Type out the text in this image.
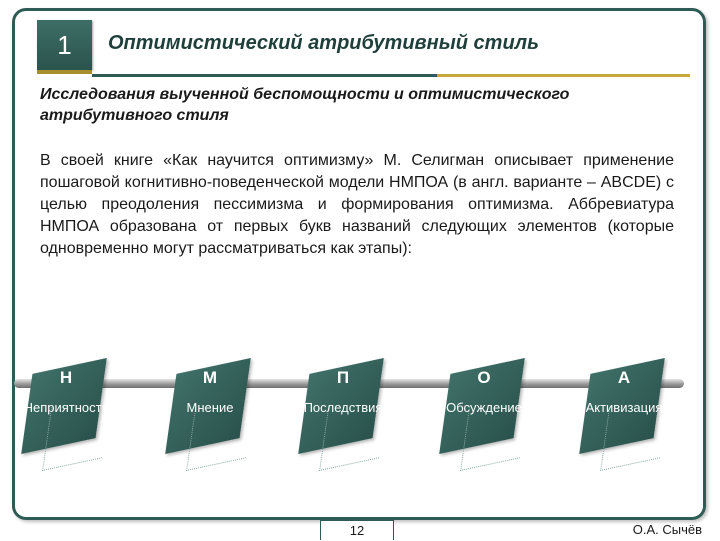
1	Оптимистический атрибутивный стиль
Исследования выученной беспомощности и оптимистического атрибутивного стиля
В своей книге «Как научится оптимизму» М. Селигман описывает применение пошаговой когнитивно-поведенческой модели НМПОА (в англ. варианте – ABCDE) с целью преодоления пессимизма и формирования оптимизма. Аббревиатура НМПОА образована от первых букв названий следующих элементов (которые одновременно могут рассматриваться как этапы):
Н
Неприятность
М
Мнение
П
Последствия
О
Обсуждение
А
Активизация
12	О.А. Сычёв
